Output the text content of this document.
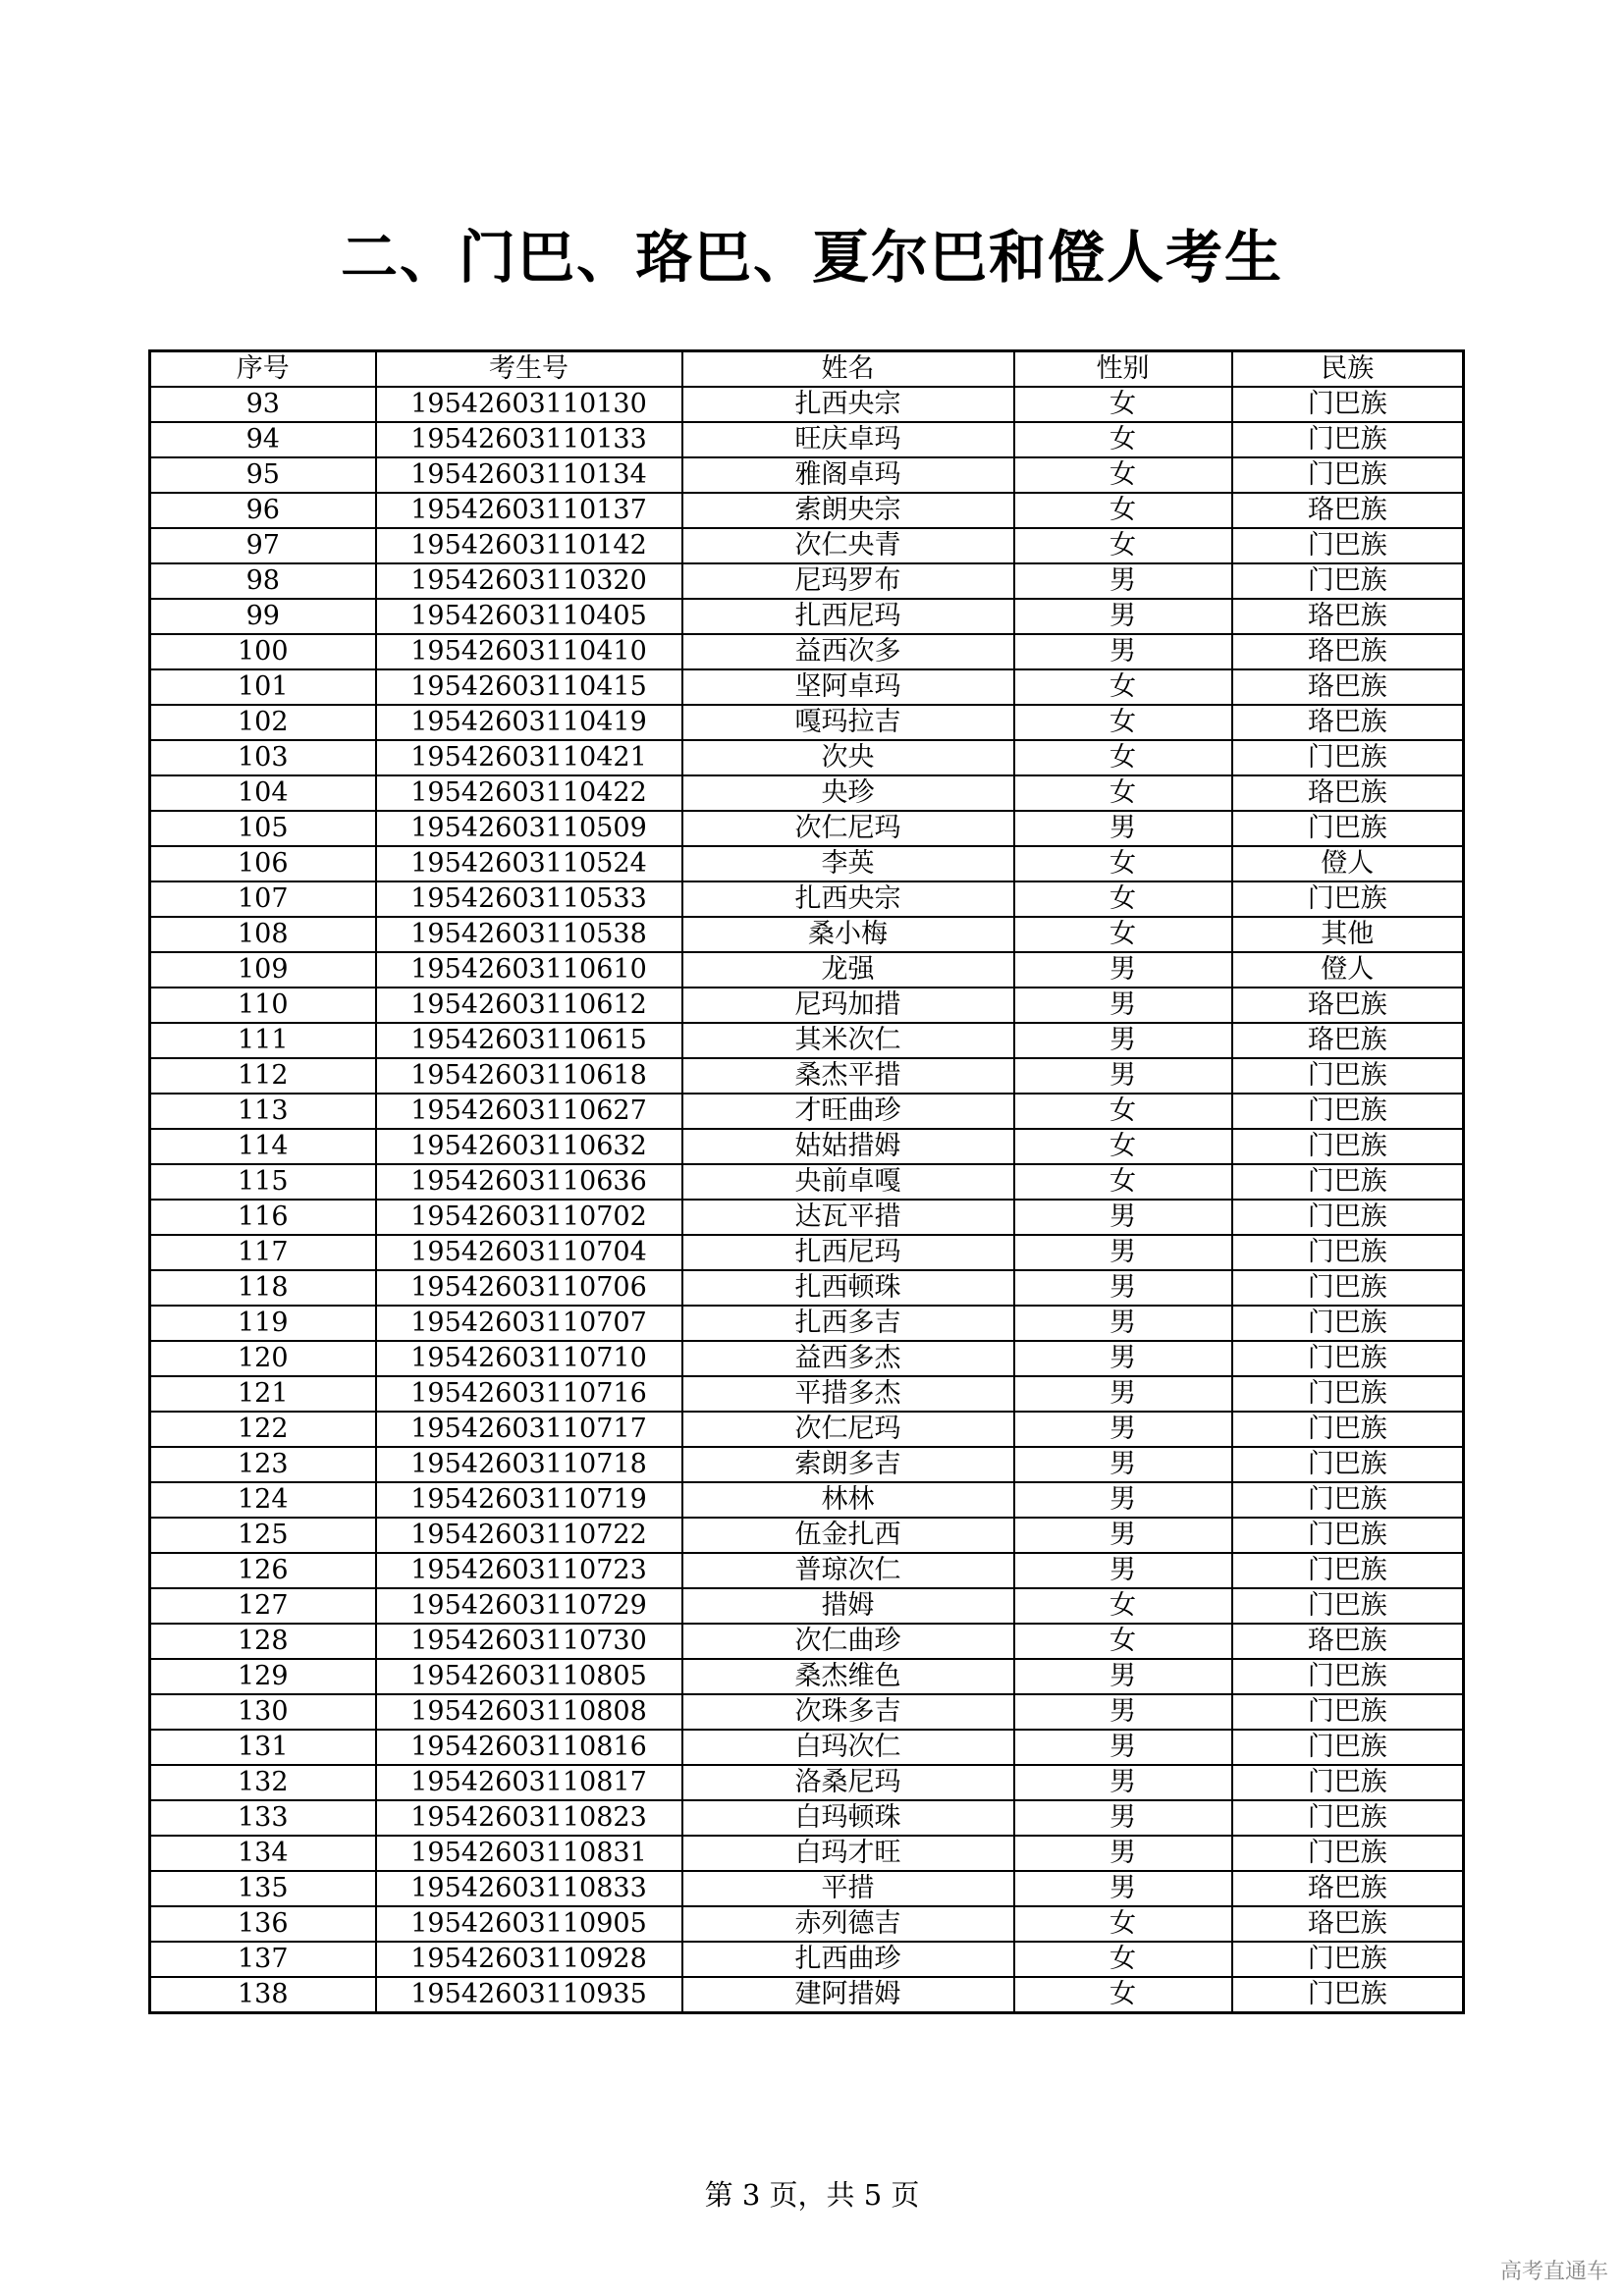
二、门巴、珞巴、夏尔巴和僜人考生
序号	考生号	姓名	性别	民族
93	19542603110130	扎西央宗	女	门巴族
94	19542603110133	旺庆卓玛	女	门巴族
95	19542603110134	雅阁卓玛	女	门巴族
96	19542603110137	索朗央宗	女	珞巴族
97	19542603110142	次仁央青	女	门巴族
98	19542603110320	尼玛罗布	男	门巴族
99	19542603110405	扎西尼玛	男	珞巴族
100	19542603110410	益西次多	男	珞巴族
101	19542603110415	坚阿卓玛	女	珞巴族
102	19542603110419	嘎玛拉吉	女	珞巴族
103	19542603110421	次央	女	门巴族
104	19542603110422	央珍	女	珞巴族
105	19542603110509	次仁尼玛	男	门巴族
106	19542603110524	李英	女	僜人
107	19542603110533	扎西央宗	女	门巴族
108	19542603110538	桑小梅	女	其他
109	19542603110610	龙强	男	僜人
110	19542603110612	尼玛加措	男	珞巴族
111	19542603110615	其米次仁	男	珞巴族
112	19542603110618	桑杰平措	男	门巴族
113	19542603110627	才旺曲珍	女	门巴族
114	19542603110632	姑姑措姆	女	门巴族
115	19542603110636	央前卓嘎	女	门巴族
116	19542603110702	达瓦平措	男	门巴族
117	19542603110704	扎西尼玛	男	门巴族
118	19542603110706	扎西顿珠	男	门巴族
119	19542603110707	扎西多吉	男	门巴族
120	19542603110710	益西多杰	男	门巴族
121	19542603110716	平措多杰	男	门巴族
122	19542603110717	次仁尼玛	男	门巴族
123	19542603110718	索朗多吉	男	门巴族
124	19542603110719	林林	男	门巴族
125	19542603110722	伍金扎西	男	门巴族
126	19542603110723	普琼次仁	男	门巴族
127	19542603110729	措姆	女	门巴族
128	19542603110730	次仁曲珍	女	珞巴族
129	19542603110805	桑杰维色	男	门巴族
130	19542603110808	次珠多吉	男	门巴族
131	19542603110816	白玛次仁	男	门巴族
132	19542603110817	洛桑尼玛	男	门巴族
133	19542603110823	白玛顿珠	男	门巴族
134	19542603110831	白玛才旺	男	门巴族
135	19542603110833	平措	男	珞巴族
136	19542603110905	赤列德吉	女	珞巴族
137	19542603110928	扎西曲珍	女	门巴族
138	19542603110935	建阿措姆	女	门巴族
第 3 页，共 5 页
高考直通车
